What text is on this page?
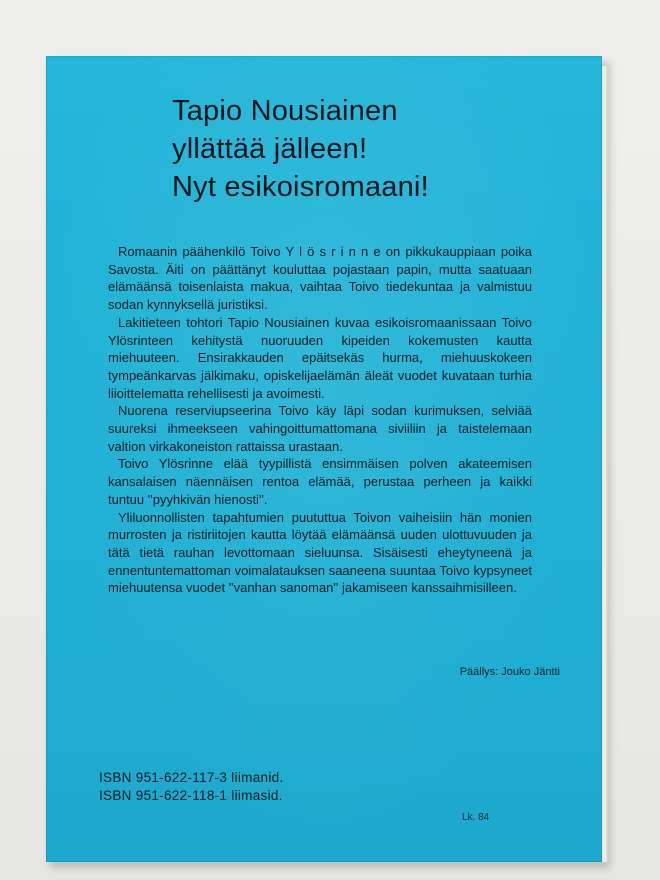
Tapio Nousiainen
yllättää jälleen!
Nyt esikoisromaani!

Romaanin päähenkilö Toivo Y l ö s r i n n e on pikkukauppiaan poika Savosta. Äiti on päättänyt kouluttaa pojastaan papin, mutta saatuaan elämäänsä toisenlaista makua, vaihtaa Toivo tiedekuntaa ja valmistuu sodan kynnyksellä juristiksi.

Lakitieteen tohtori Tapio Nousiainen kuvaa esikoisromaanissaan Toivo Ylösrinteen kehitystä nuoruuden kipeiden kokemusten kautta miehuuteen. Ensirakkauden epäitsekäs hurma, miehuuskokeen tympeänkarvas jälkimaku, opiskelijaelämän äleät vuodet kuvataan turhia liioittelematta rehellisesti ja avoimesti.

Nuorena reserviupseerina Toivo käy läpi sodan kurimuksen, selviää suureksi ihmeekseen vahingoittumattomana siviiliin ja taistelemaan valtion virkakoneiston rattaissa urastaan.

Toivo Ylösrinne elää tyypillistä ensimmäisen polven akateemisen kansalaisen näennäisen rentoa elämää, perustaa perheen ja kaikki tuntuu ''pyyhkivän hienosti''.

Yliluonnollisten tapahtumien puututtua Toivon vaiheisiin hän monien murrosten ja ristiriitojen kautta löytää elämäänsä uuden ulottuvuuden ja tätä tietä rauhan levottomaan sieluunsa. Sisäisesti eheytyneenä ja ennentuntemattoman voimalatauksen saaneena suuntaa Toivo kypsyneet miehuutensa vuodet ''vanhan sanoman'' jakamiseen kanssaihmisilleen.

Päällys: Jouko Jäntti
ISBN 951-622-117-3 liimanid.
ISBN 951-622-118-1 liimasid.
Lk. 84
